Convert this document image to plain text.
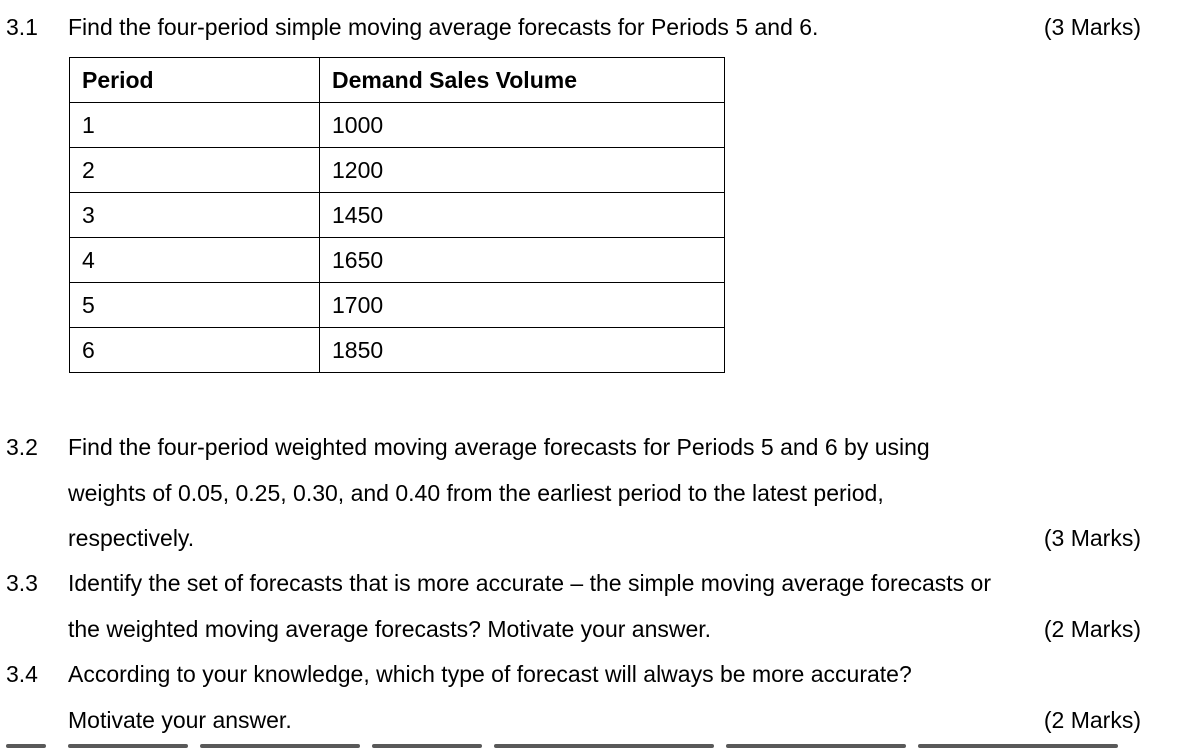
3.1 Find the four-period simple moving average forecasts for Periods 5 and 6.	(3 Marks)
Period	Demand Sales Volume
1	1000
2	1200
3	1450
4	1650
5	1700
6	1850
3.2 Find the four-period weighted moving average forecasts for Periods 5 and 6 by using
weights of 0.05, 0.25, 0.30, and 0.40 from the earliest period to the latest period,
respectively.	(3 Marks)
3.3 Identify the set of forecasts that is more accurate – the simple moving average forecasts or
the weighted moving average forecasts? Motivate your answer.	(2 Marks)
3.4 According to your knowledge, which type of forecast will always be more accurate?
Motivate your answer.	(2 Marks)
